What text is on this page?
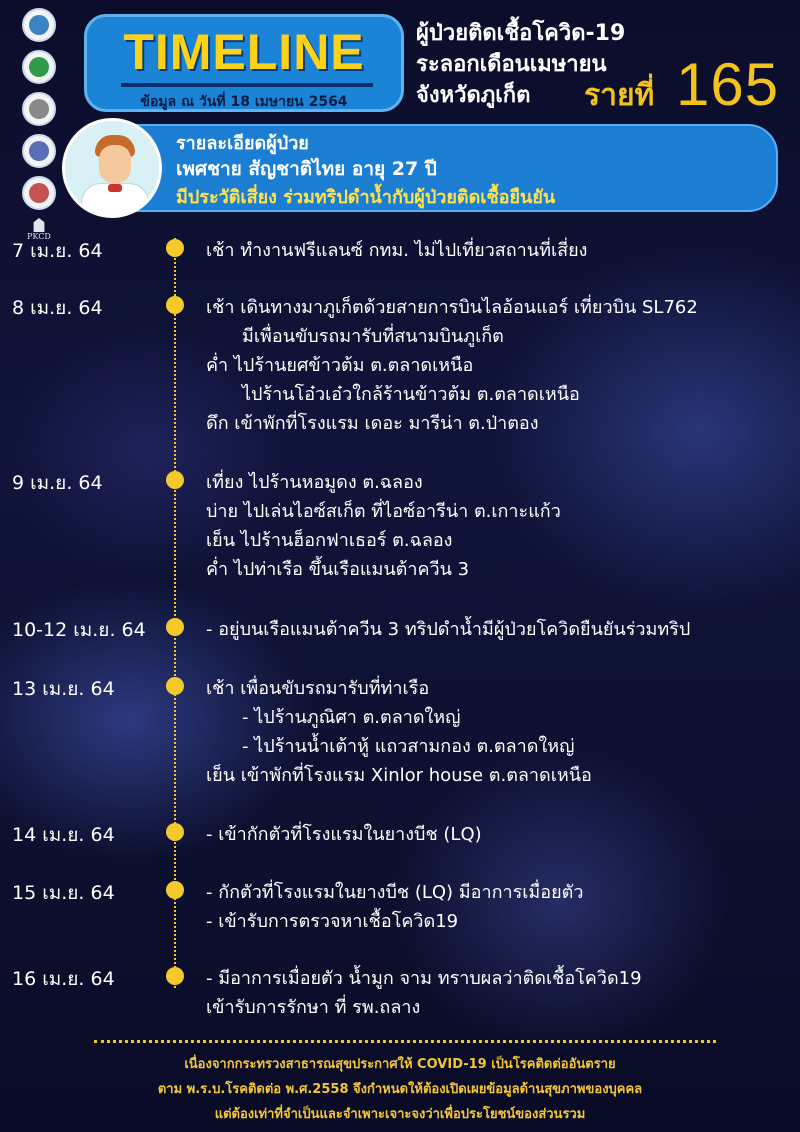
PKCD
TIMELINE
ข้อมูล ณ วันที่ 18 เมษายน 2564
ผู้ป่วยติดเชื้อโควิด-19
ระลอกเดือนเมษายน
จังหวัดภูเก็ต	รายที่ 165
รายละเอียดผู้ป่วย
เพศชาย สัญชาติไทย อายุ 27 ปี
มีประวัติเสี่ยง ร่วมทริปดำน้ำกับผู้ป่วยติดเชื้อยืนยัน
7 เม.ย. 64	เช้า ทำงานฟรีแลนซ์ กทม. ไม่ไปเที่ยวสถานที่เสี่ยง
8 เม.ย. 64	เช้า เดินทางมาภูเก็ตด้วยสายการบินไลอ้อนแอร์ เที่ยวบิน SL762
มีเพื่อนขับรถมารับที่สนามบินภูเก็ต
ค่ำ ไปร้านยศข้าวต้ม ต.ตลาดเหนือ
ไปร้านโอ๋วเอ๋วใกล้ร้านข้าวต้ม ต.ตลาดเหนือ
ดึก เข้าพักที่โรงแรม เดอะ มารีน่า ต.ป่าตอง
9 เม.ย. 64	เที่ยง ไปร้านหอมูดง ต.ฉลอง
บ่าย ไปเล่นไอซ์สเก็ต ที่ไอซ์อารีน่า ต.เกาะแก้ว
เย็น ไปร้านฮ็อกฟาเธอร์ ต.ฉลอง
ค่ำ ไปท่าเรือ ขึ้นเรือแมนต้าควีน 3
10-12 เม.ย. 64	- อยู่บนเรือแมนต้าควีน 3 ทริปดำน้ำมีผู้ป่วยโควิดยืนยันร่วมทริป
13 เม.ย. 64	เช้า เพื่อนขับรถมารับที่ท่าเรือ
- ไปร้านภูณิศา ต.ตลาดใหญ่
- ไปร้านน้ำเต้าหู้ แถวสามกอง ต.ตลาดใหญ่
เย็น เข้าพักที่โรงแรม Xinlor house ต.ตลาดเหนือ
14 เม.ย. 64	- เข้ากักตัวที่โรงแรมในยางบีช (LQ)
15 เม.ย. 64	- กักตัวที่โรงแรมในยางบีช (LQ) มีอาการเมื่อยตัว
- เข้ารับการตรวจหาเชื้อโควิด19
16 เม.ย. 64	- มีอาการเมื่อยตัว น้ำมูก จาม ทราบผลว่าติดเชื้อโควิด19
เข้ารับการรักษา ที่ รพ.ถลาง
เนื่องจากกระทรวงสาธารณสุขประกาศให้ COVID-19 เป็นโรคติดต่ออันตราย
ตาม พ.ร.บ.โรคติดต่อ พ.ศ.2558 จึงกำหนดให้ต้องเปิดเผยข้อมูลด้านสุขภาพของบุคคล
แต่ต้องเท่าที่จำเป็นและจำเพาะเจาะจงว่าเพื่อประโยชน์ของส่วนรวม
